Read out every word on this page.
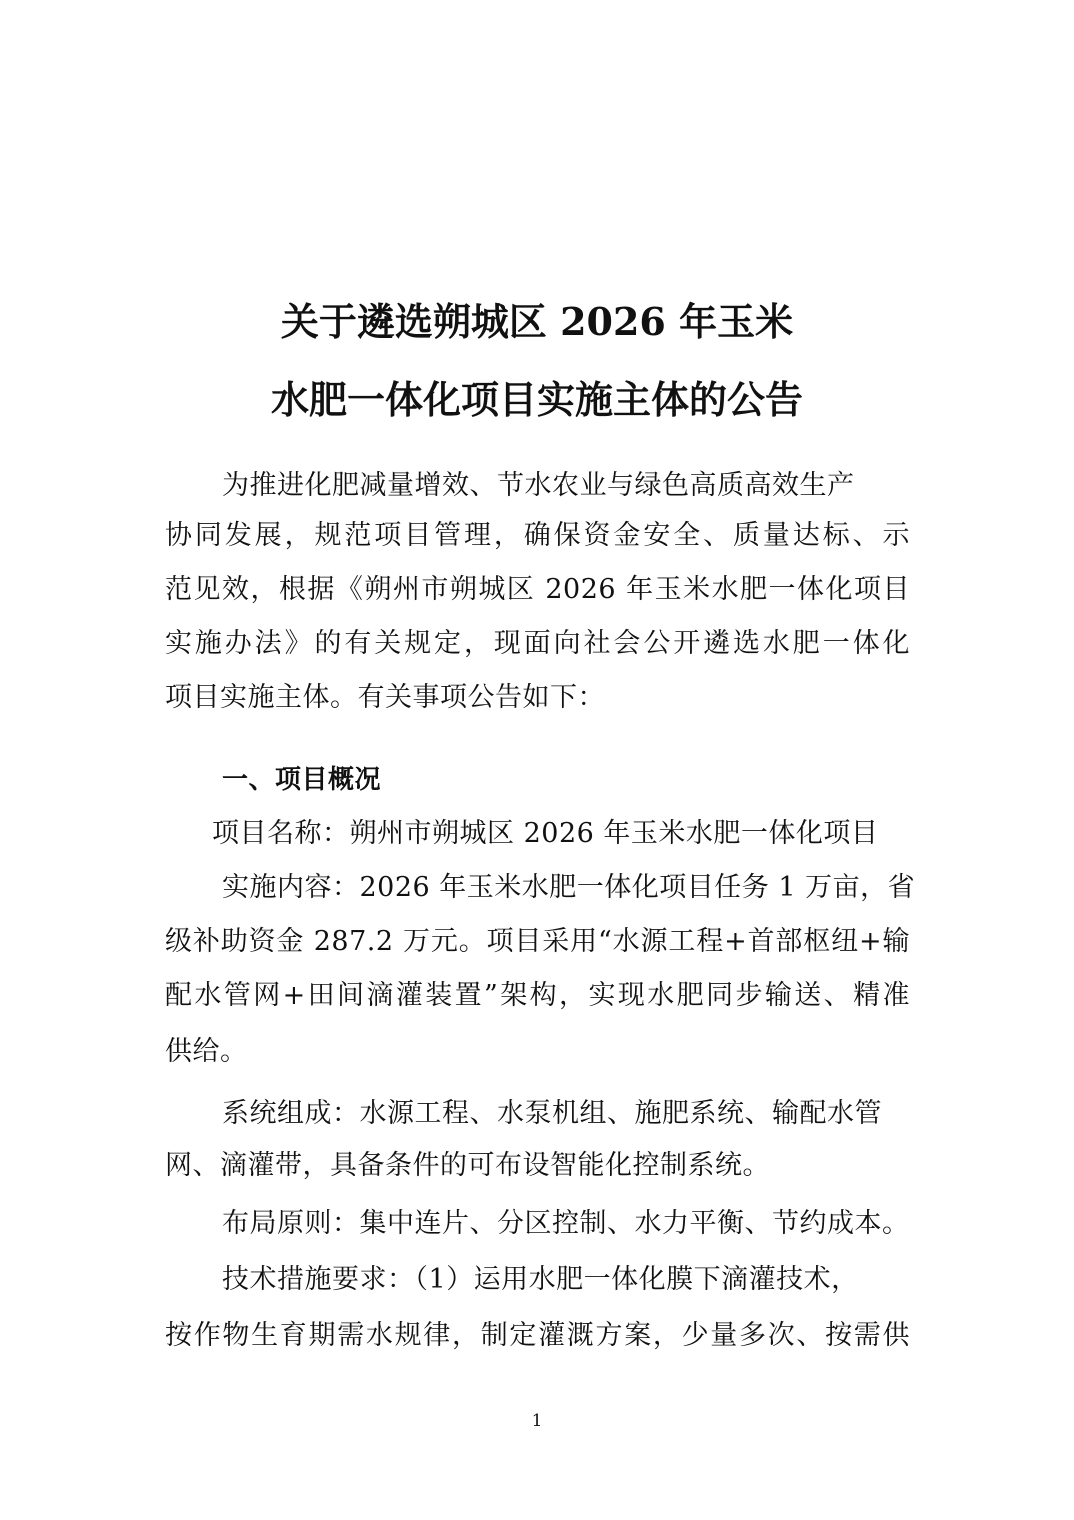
关于遴选朔城区 2026 年玉米
水肥一体化项目实施主体的公告
为推进化肥减量增效、节水农业与绿色高质高效生产
协同发展，规范项目管理，确保资金安全、质量达标、示
范见效，根据《朔州市朔城区 2026 年玉米水肥一体化项目
实施办法》的有关规定，现面向社会公开遴选水肥一体化
项目实施主体。有关事项公告如下：
一、项目概况
项目名称：朔州市朔城区 2026 年玉米水肥一体化项目
实施内容：2026 年玉米水肥一体化项目任务 1 万亩，省
级补助资金 287.2 万元。项目采用“水源工程+首部枢纽+输
配水管网+田间滴灌装置”架构，实现水肥同步输送、精准
供给。
系统组成：水源工程、水泵机组、施肥系统、输配水管
网、滴灌带，具备条件的可布设智能化控制系统。
布局原则：集中连片、分区控制、水力平衡、节约成本。
技术措施要求：（1）运用水肥一体化膜下滴灌技术，
按作物生育期需水规律，制定灌溉方案，少量多次、按需供
1
